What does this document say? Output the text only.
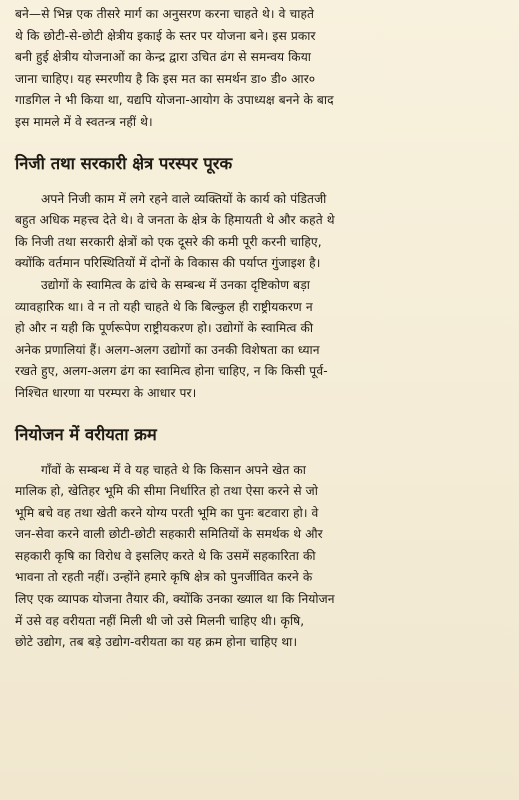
बने—से भिन्न एक तीसरे मार्ग का अनुसरण करना चाहते थे। वे चाहते
थे कि छोटी-से-छोटी क्षेत्रीय इकाई के स्तर पर योजना बने। इस प्रकार
बनी हुई क्षेत्रीय योजनाओं का केन्द्र द्वारा उचित ढंग से समन्वय किया
जाना चाहिए। यह स्मरणीय है कि इस मत का समर्थन डा० डी० आर०
गाडगिल ने भी किया था, यद्यपि योजना-आयोग के उपाध्यक्ष बनने के बाद
इस मामले में वे स्वतन्त्र नहीं थे।
निजी तथा सरकारी क्षेत्र परस्पर पूरक
अपने निजी काम में लगे रहने वाले व्यक्तियों के कार्य को पंडितजी
बहुत अधिक महत्त्व देते थे। वे जनता के क्षेत्र के हिमायती थे और कहते थे
कि निजी तथा सरकारी क्षेत्रों को एक दूसरे की कमी पूरी करनी चाहिए,
क्योंकि वर्तमान परिस्थितियों में दोनों के विकास की पर्याप्त गुंजाइश है।
उद्योगों के स्वामित्व के ढांचे के सम्बन्ध में उनका दृष्टिकोण बड़ा
व्यावहारिक था। वे न तो यही चाहते थे कि बिल्कुल ही राष्ट्रीयकरण न
हो और न यही कि पूर्णरूपेण राष्ट्रीयकरण हो। उद्योगों के स्वामित्व की
अनेक प्रणालियां हैं। अलग-अलग उद्योगों का उनकी विशेषता का ध्यान
रखते हुए, अलग-अलग ढंग का स्वामित्व होना चाहिए, न कि किसी पूर्व-
निश्चित धारणा या परम्परा के आधार पर।
नियोजन में वरीयता क्रम
गाँवों के सम्बन्ध में वे यह चाहते थे कि किसान अपने खेत का
मालिक हो, खेतिहर भूमि की सीमा निर्धारित हो तथा ऐसा करने से जो
भूमि बचे वह तथा खेती करने योग्य परती भूमि का पुनः बटवारा हो। वे
जन-सेवा करने वाली छोटी-छोटी सहकारी समितियों के समर्थक थे और
सहकारी कृषि का विरोध वे इसलिए करते थे कि उसमें सहकारिता की
भावना तो रहती नहीं। उन्होंने हमारे कृषि क्षेत्र को पुनर्जीवित करने के
लिए एक व्यापक योजना तैयार की, क्योंकि उनका ख्याल था कि नियोजन
में उसे वह वरीयता नहीं मिली थी जो उसे मिलनी चाहिए थी। कृषि,
छोटे उद्योग, तब बड़े उद्योग-वरीयता का यह क्रम होना चाहिए था।
